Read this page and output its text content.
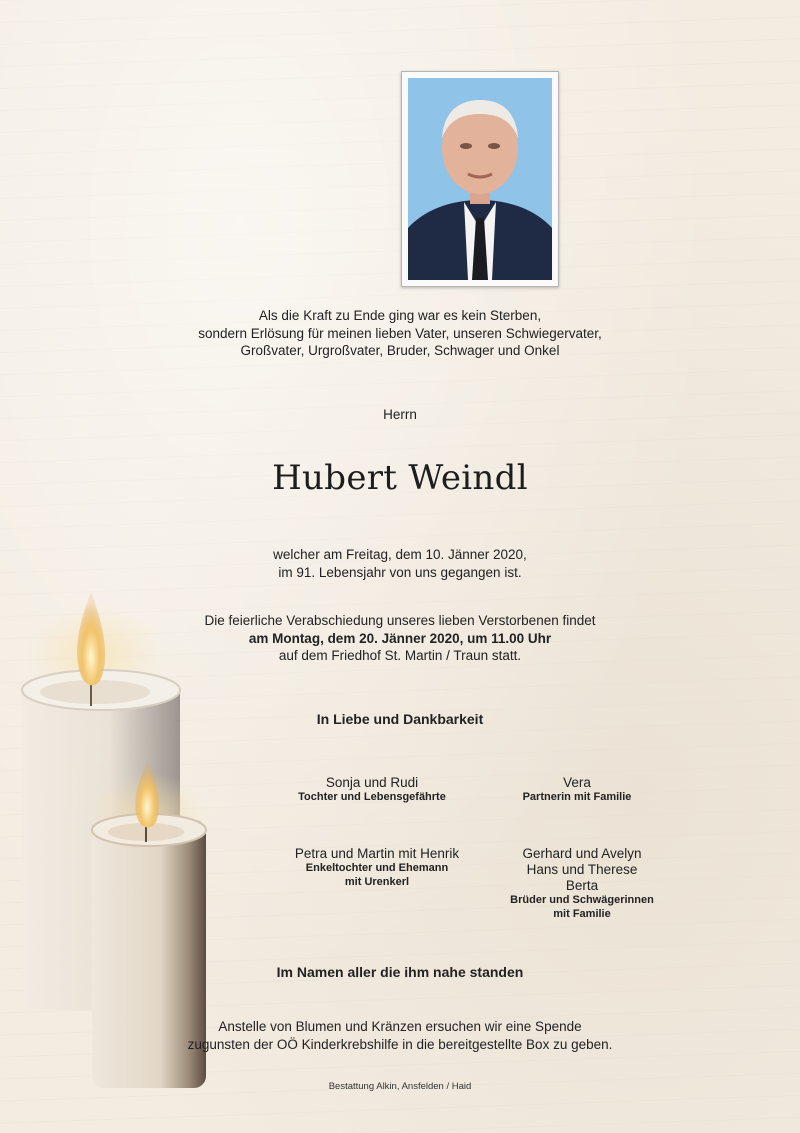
Als die Kraft zu Ende ging war es kein Sterben,
sondern Erlösung für meinen lieben Vater, unseren Schwiegervater,
Großvater, Urgroßvater, Bruder, Schwager und Onkel
Herrn
Hubert Weindl
welcher am Freitag, dem 10. Jänner 2020,
im 91. Lebensjahr von uns gegangen ist.
Die feierliche Verabschiedung unseres lieben Verstorbenen findet
am Montag, dem 20. Jänner 2020, um 11.00 Uhr
auf dem Friedhof St. Martin / Traun statt.
In Liebe und Dankbarkeit
Sonja und Rudi
Tochter und Lebensgefährte
Vera
Partnerin mit Familie
Petra und Martin mit Henrik
Enkeltochter und Ehemann
mit Urenkerl
Gerhard und Avelyn
Hans und Therese
Berta
Brüder und Schwägerinnen
mit Familie
Im Namen aller die ihm nahe standen
Anstelle von Blumen und Kränzen ersuchen wir eine Spende
zugunsten der OÖ Kinderkrebshilfe in die bereitgestellte Box zu geben.
Bestattung Alkin, Ansfelden / Haid
